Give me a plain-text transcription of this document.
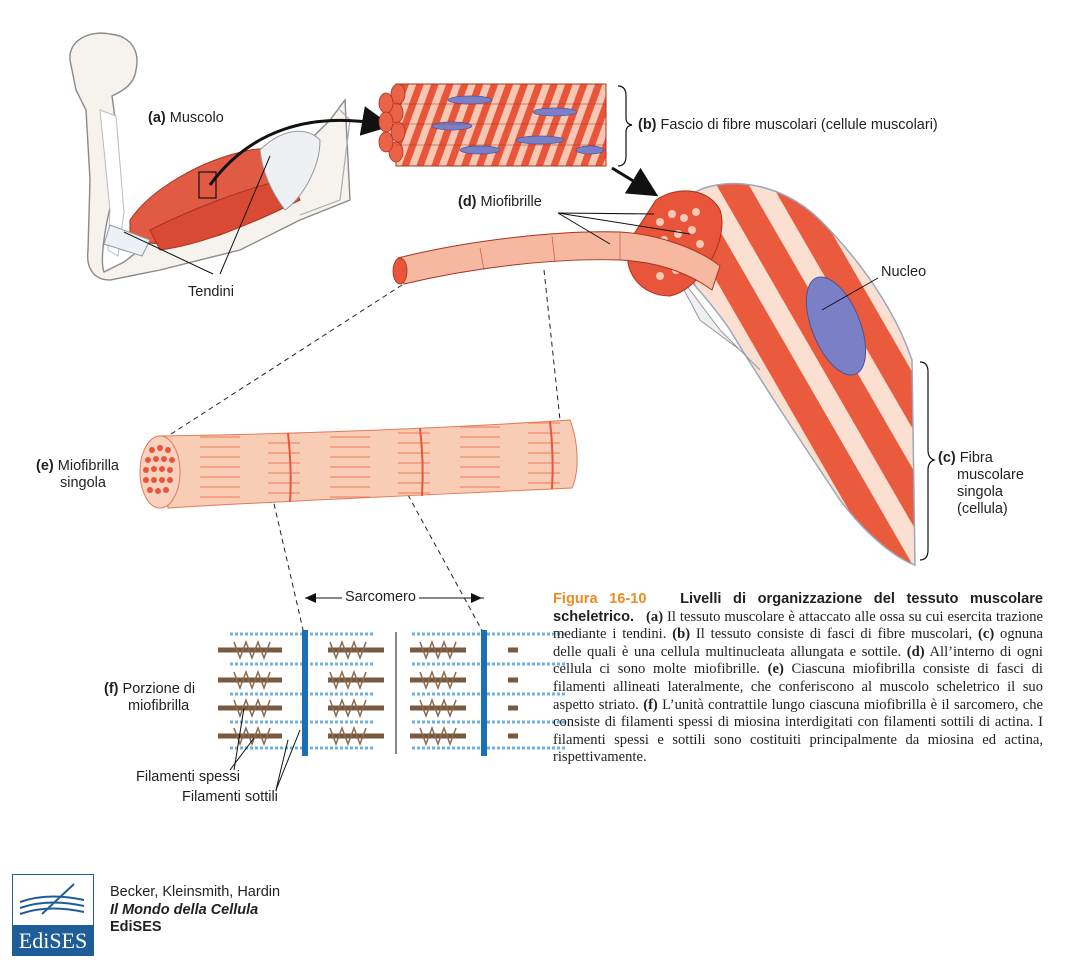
(a) Muscolo
Tendini
(b) Fascio di fibre muscolari (cellule muscolari)
(d) Miofibrille
Nucleo
(c) Fibra
muscolare
singola
(cellula)
(e) Miofibrilla
singola
Sarcomero
(f) Porzione di
miofibrilla
Filamenti spessi
Filamenti sottili
Figura 16-10 Livelli di organizzazione del tessuto muscolare scheletrico. (a) Il tessuto muscolare è attaccato alle ossa su cui esercita trazione mediante i tendini. (b) Il tessuto consiste di fasci di fibre muscolari, (c) ognuna delle quali è una cellula multinucleata allungata e sottile. (d) All’interno di ogni cellula ci sono molte miofibrille. (e) Ciascuna miofibrilla consiste di fasci di filamenti allineati lateralmente, che conferiscono al muscolo scheletrico il suo aspetto striato. (f) L’unità contrattile lungo ciascuna miofibrilla è il sarcomero, che consiste di filamenti spessi di miosina interdigitati con filamenti sottili di actina. I filamenti spessi e sottili sono costituiti principalmente da miosina ed actina, rispettivamente.
EdiSES
Becker, Kleinsmith, Hardin
Il Mondo della Cellula
EdiSES
